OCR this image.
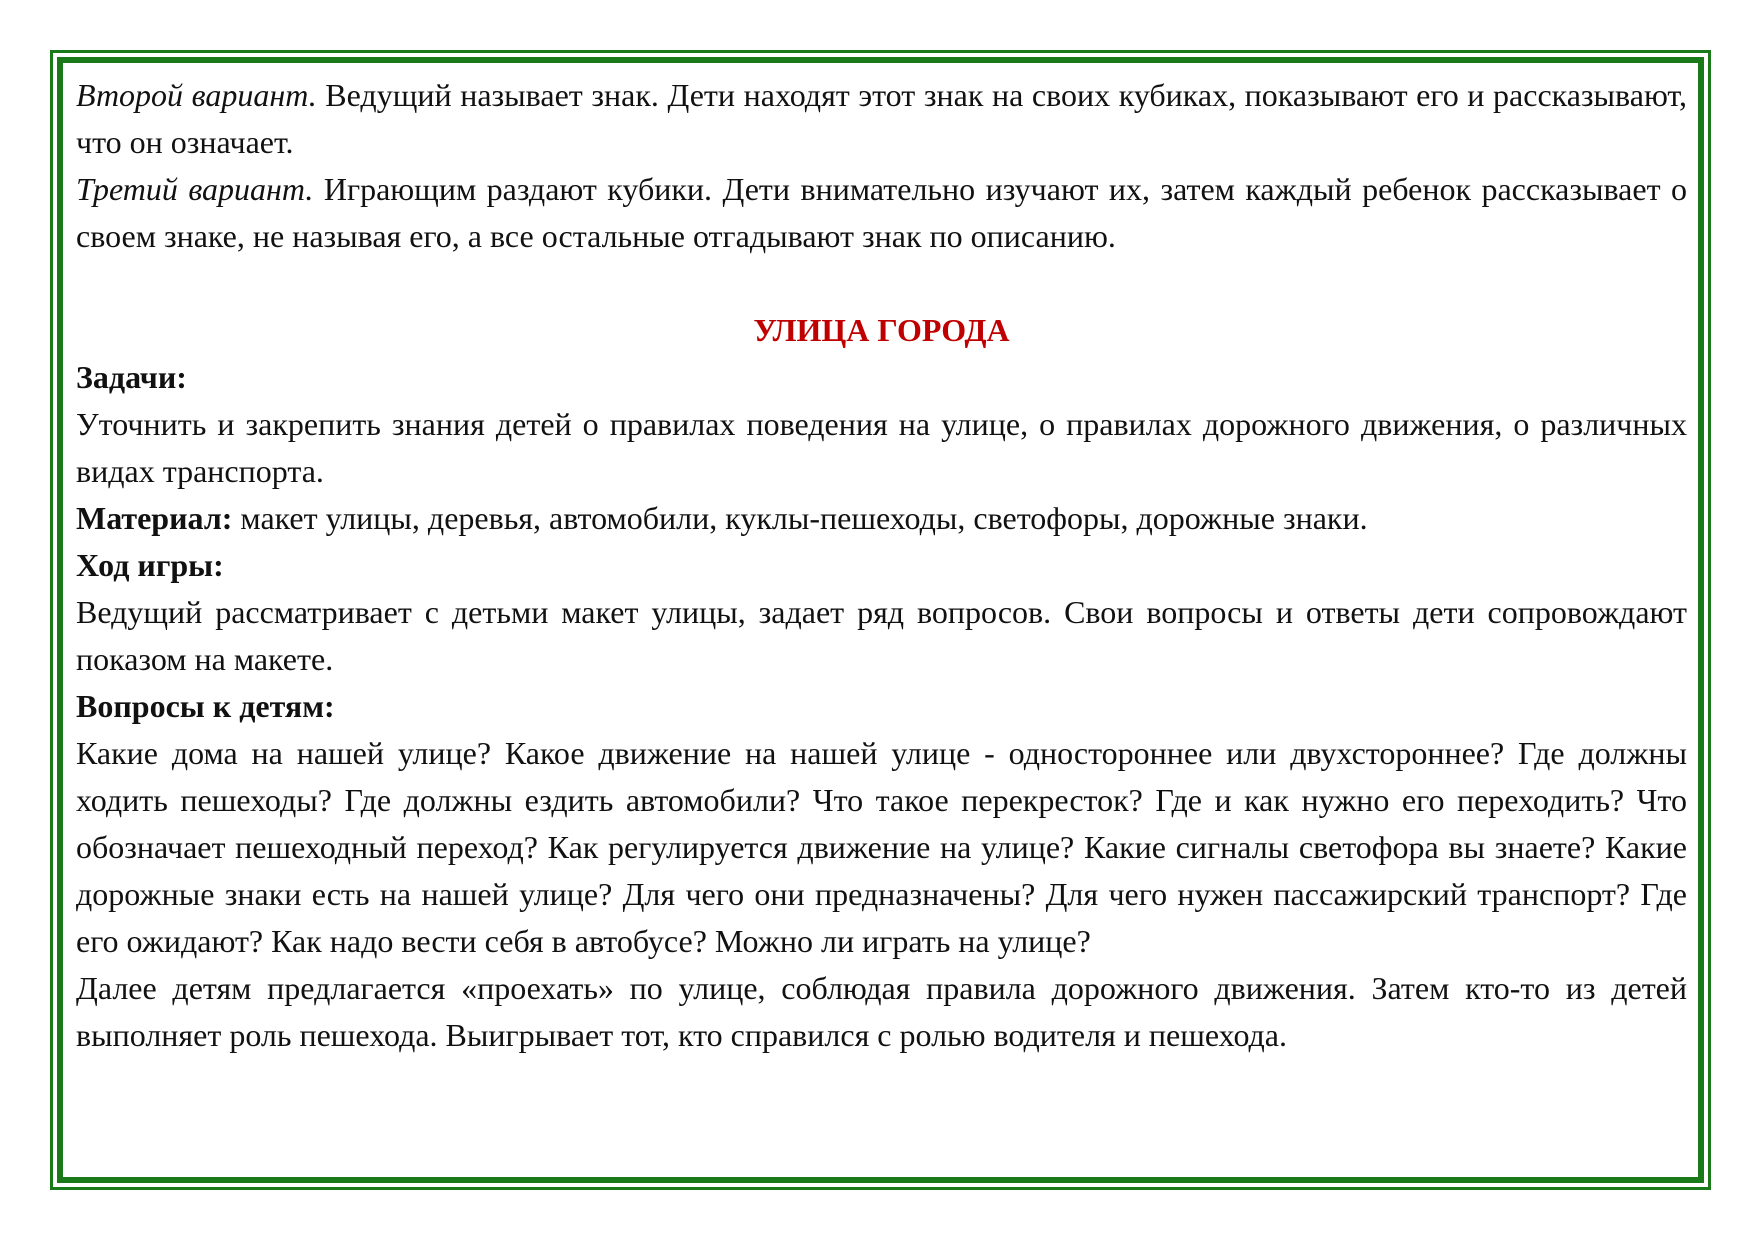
Второй вариант. Ведущий называет знак. Дети находят этот знак на своих кубиках, показывают его и рассказывают, что он означает.

Третий вариант. Играющим раздают кубики. Дети внимательно изучают их, затем каждый ребенок рассказывает о своем знаке, не называя его, а все остальные отгадывают знак по описанию.

УЛИЦА ГОРОДА

Задачи:

Уточнить и закрепить знания детей о правилах поведения на улице, о правилах дорожного движения, о различных видах транспорта.

Материал: макет улицы, деревья, автомобили, куклы-пешеходы, светофоры, дорожные знаки.

Ход игры:

Ведущий рассматривает с детьми макет улицы, задает ряд вопросов. Свои вопросы и ответы дети сопровождают показом на макете.

Вопросы к детям:

Какие дома на нашей улице? Какое движение на нашей улице - одностороннее или двухстороннее? Где должны ходить пешеходы? Где должны ездить автомобили? Что такое перекресток? Где и как нужно его переходить? Что обозначает пешеходный переход? Как регулируется движение на улице? Какие сигналы светофора вы знаете? Какие дорожные знаки есть на нашей улице? Для чего они предназначены? Для чего нужен пассажирский транспорт? Где его ожидают? Как надо вести себя в автобусе? Можно ли играть на улице?

Далее детям предлагается «проехать» по улице, соблюдая правила дорожного движения. Затем кто-то из детей выполняет роль пешехода. Выигрывает тот, кто справился с ролью водителя и пешехода.
